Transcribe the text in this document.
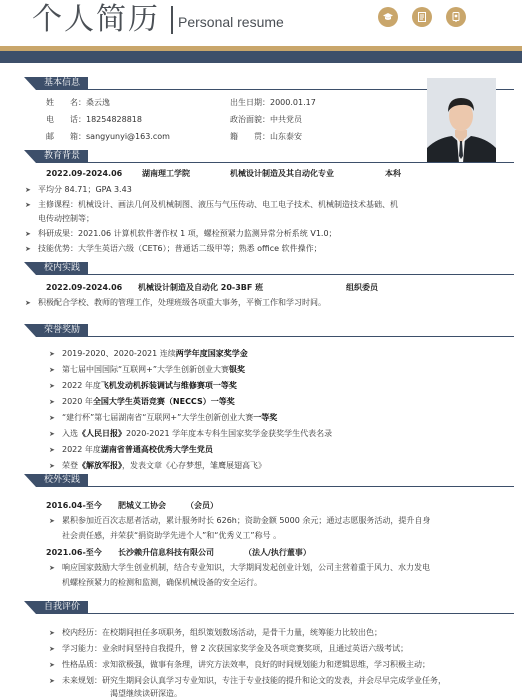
个人简历 Personal resume
基本信息
姓　　名：桑云逸	出生日期：2000.01.17
电　　话：18254828818	政治面貌：中共党员
邮　　箱：sangyunyi@163.com	籍　　贯：山东泰安
教育背景
2022.09-2024.06 湖南理工学院	机械设计制造及其自动化专业	本科
➤ 平均分 84.71；GPA 3.43
➤ 主修课程：机械设计、画法几何及机械制图、液压与气压传动、电工电子技术、机械制造技术基础、机
电传动控制等；
➤ 科研成果：2021.06 计算机软件著作权 1 项，螺栓预紧力监测异常分析系统 V1.0；
➤ 技能优势：大学生英语六级（CET6）；普通话二级甲等；熟悉 office 软件操作；
校内实践
2022.09-2024.06 机械设计制造及自动化 20-3BF 班	组织委员
➤ 积极配合学校、教师的管理工作，处理班级各项重大事务，平衡工作和学习时间。
荣誉奖励
➤ 2019-2020、2020-2021 连续两学年度国家奖学金
➤ 第七届中国国际“互联网+”大学生创新创业大赛银奖
➤ 2022 年度飞机发动机拆装调试与维修赛项一等奖
➤ 2020 年全国大学生英语竞赛（NECCS）一等奖
➤ “建行杯”第七届湖南省“互联网+”大学生创新创业大赛一等奖
➤ 入选《人民日报》2020-2021 学年度本专科生国家奖学金获奖学生代表名录
➤ 2022 年度湖南省普通高校优秀大学生党员
➤ 荣登《解放军报》，发表文章《心存梦想，雏鹰展翅高飞》
校外实践
2016.04-至今 肥城义工协会	（会员）
➤ 累积参加近百次志愿者活动，累计服务时长 626h；资助金额 5000 余元；通过志愿服务活动，提升自身
社会责任感，并荣获“捐资助学先进个人”和“优秀义工”称号 。
2021.06-至今 长沙赖升信息科技有限公司	（法人/执行董事）
➤ 响应国家鼓励大学生创业机制，结合专业知识，大学期间发起创业计划，公司主营着重于风力、水力发电
机螺栓预紧力的检测和监测，确保机械设备的安全运行。
自我评价
➤ 校内经历：在校期间担任多项职务，组织策划数场活动，是骨干力量，统筹能力比较出色；
➤ 学习能力：业余时间坚持自我提升，曾 2 次获国家奖学金及各项竞赛奖项，且通过英语六级考试；
➤ 性格品质：求知欲极强，做事有条理，讲究方法效率，良好的时间规划能力和逻辑思维，学习积极主动；
➤ 未来规划：研究生期间会认真学习专业知识，专注于专业技能的提升和论文的发表，并会尽早完成学业任务，
渴望继续读研深造。
